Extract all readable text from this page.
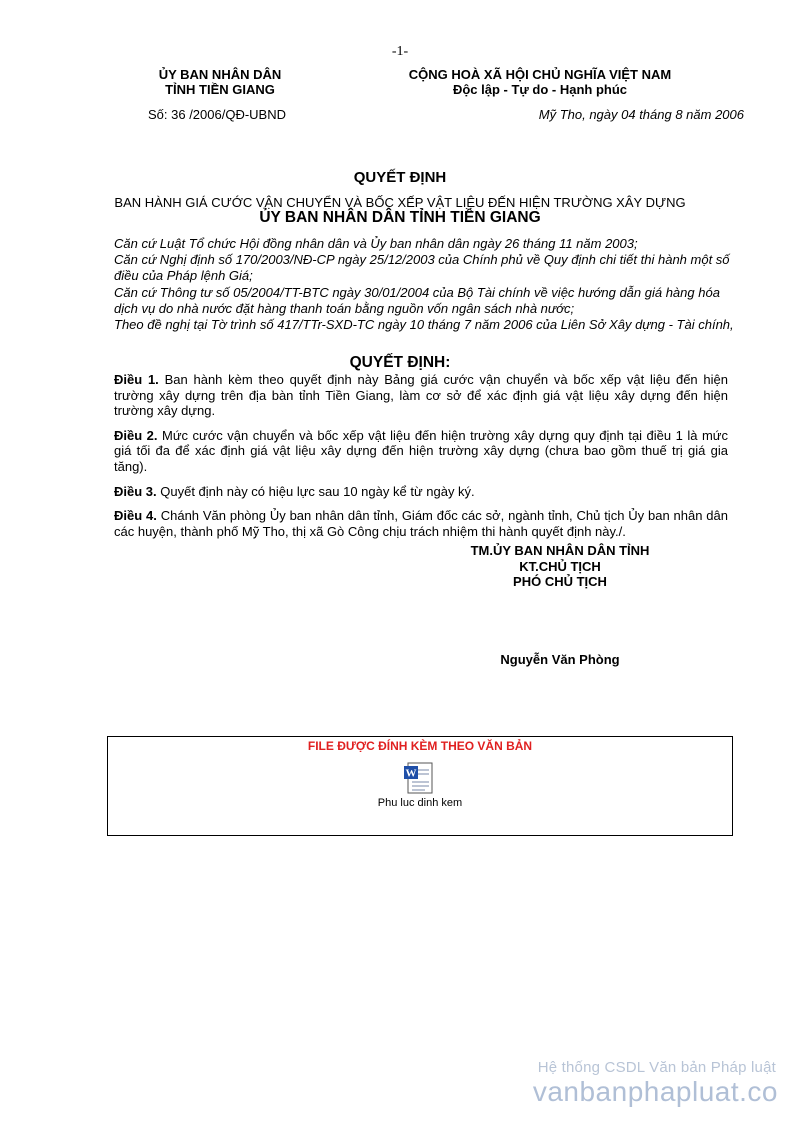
-1-
ỦY BAN NHÂN DÂN
TỈNH TIỀN GIANG
CỘNG HOÀ XÃ HỘI CHỦ NGHĨA VIỆT NAM
Độc lập - Tự do - Hạnh phúc
Số: 36 /2006/QĐ-UBND	Mỹ Tho, ngày 04 tháng 8 năm 2006
QUYẾT ĐỊNH
BAN HÀNH GIÁ CƯỚC VẬN CHUYỂN VÀ BỐC XẾP VẬT LIỆU ĐẾN HIỆN TRƯỜNG XÂY DỰNG
ỦY BAN NHÂN DÂN TỈNH TIỀN GIANG

Căn cứ Luật Tổ chức Hội đồng nhân dân và Ủy ban nhân dân ngày 26 tháng 11 năm 2003;

Căn cứ Nghị định số 170/2003/NĐ-CP ngày 25/12/2003 của Chính phủ về Quy định chi tiết thi hành một số điều của Pháp lệnh Giá;

Căn cứ Thông tư số 05/2004/TT-BTC ngày 30/01/2004 của Bộ Tài chính về việc hướng dẫn giá hàng hóa dịch vụ do nhà nước đặt hàng thanh toán bằng nguồn vốn ngân sách nhà nước;

Theo đề nghị tại Tờ trình số 417/TTr-SXD-TC ngày 10 tháng 7 năm 2006 của Liên Sở Xây dựng - Tài chính,

QUYẾT ĐỊNH:

Điều 1. Ban hành kèm theo quyết định này Bảng giá cước vận chuyển và bốc xếp vật liệu đến hiện trường xây dựng trên địa bàn tỉnh Tiền Giang, làm cơ sở để xác định giá vật liệu xây dựng đến hiện trường xây dựng.

Điều 2. Mức cước vận chuyển và bốc xếp vật liệu đến hiện trường xây dựng quy định tại điều 1 là mức giá tối đa để xác định giá vật liệu xây dựng đến hiện trường xây dựng (chưa bao gồm thuế trị giá gia tăng).

Điều 3. Quyết định này có hiệu lực sau 10 ngày kể từ ngày ký.

Điều 4. Chánh Văn phòng Ủy ban nhân dân tỉnh, Giám đốc các sở, ngành tỉnh, Chủ tịch Ủy ban nhân dân các huyện, thành phố Mỹ Tho, thị xã Gò Công chịu trách nhiệm thi hành quyết định này./.

TM.ỦY BAN NHÂN DÂN TỈNH
KT.CHỦ TỊCH
PHÓ CHỦ TỊCH
Nguyễn Văn Phòng
FILE ĐƯỢC ĐÍNH KÈM THEO VĂN BẢN
W
Phu luc dinh kem
Hệ thống CSDL Văn bản Pháp luật
vanbanphapluat.co
